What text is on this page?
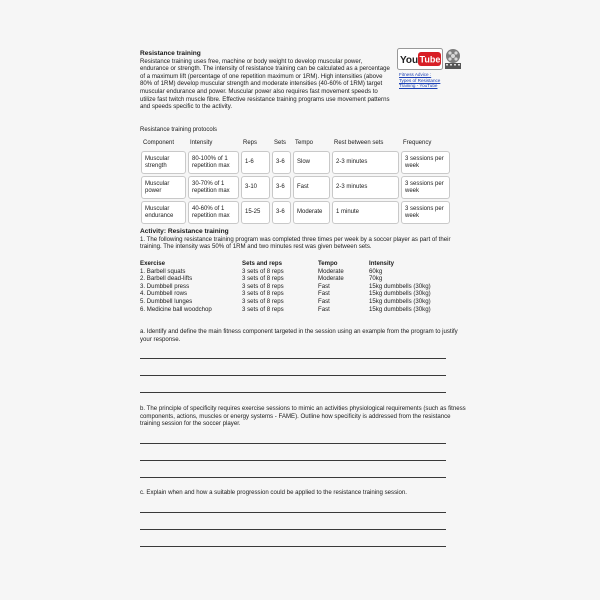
Resistance training
Resistance training uses free, machine or body weight to develop muscular power, endurance or strength. The intensity of resistance training can be calculated as a percentage of a maximum lift (percentage of one repetition maximum or 1RM). High intensities (above 80% of 1RM) develop muscular strength and moderate intensities (40-60% of 1RM) target muscular endurance and power. Muscular power also requires fast movement speeds to utilize fast twitch muscle fibre. Effective resistance training programs use movement patterns and speeds specific to the activity.
You Tube
Fitness Advice :
Types of Resistance
Training - YouTube
Resistance training protocols
Component	Intensity	Reps	Sets	Tempo	Rest between sets	Frequency
Muscular strength	80-100% of 1 repetition max	1-6	3-6	Slow	2-3 minutes	3 sessions per week
Muscular power	30-70% of 1 repetition max	3-10	3-6	Fast	2-3 minutes	3 sessions per week
Muscular endurance	40-60% of 1 repetition max	15-25	3-6	Moderate	1 minute	3 sessions per week
Activity: Resistance training
1. The following resistance training program was completed three times per week by a soccer player as part of their training. The intensity was 50% of 1RM and two minutes rest was given between sets.
Exercise	Sets and reps	Tempo	Intensity
1. Barbell squats	3 sets of 8 reps	Moderate	60kg
2. Barbell dead-lifts	3 sets of 8 reps	Moderate	70kg
3. Dumbbell press	3 sets of 8 reps	Fast	15kg dumbbells (30kg)
4. Dumbbell rows	3 sets of 8 reps	Fast	15kg dumbbells (30kg)
5. Dumbbell lunges	3 sets of 8 reps	Fast	15kg dumbbells (30kg)
6. Medicine ball woodchop	3 sets of 8 reps	Fast	15kg dumbbells (30kg)
a. Identify and define the main fitness component targeted in the session using an example from the program to justify your response.
b. The principle of specificity requires exercise sessions to mimic an activities physiological requirements (such as fitness components, actions, muscles or energy systems - FAME). Outline how specificity is addressed from the resistance training session for the soccer player.
c. Explain when and how a suitable progression could be applied to the resistance training session.
